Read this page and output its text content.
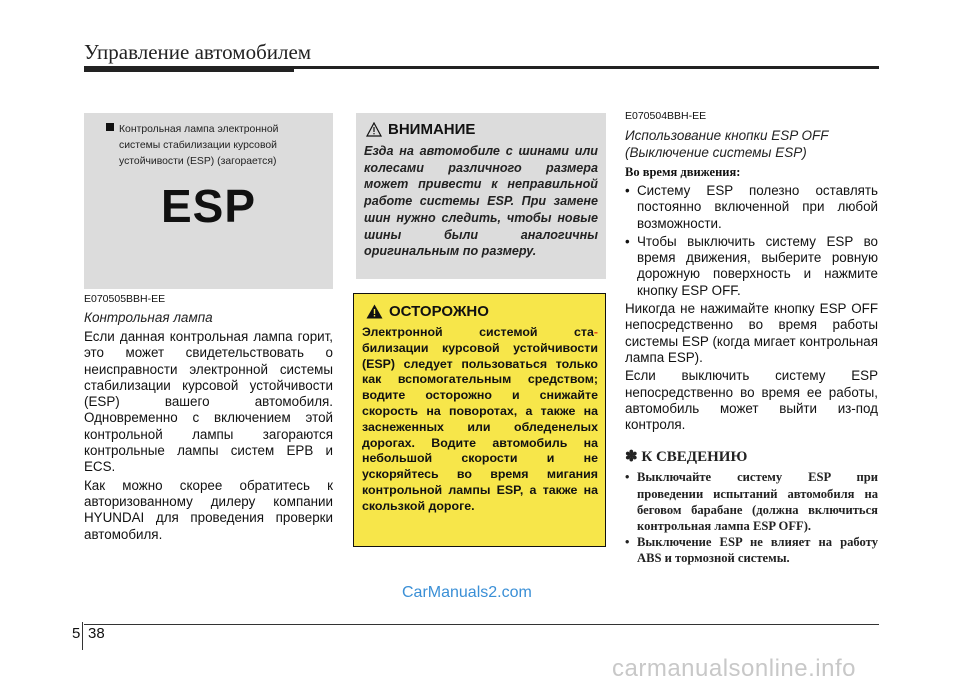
Управление автомобилем
Контрольная лампа электронной
системы стабилизации курсовой
устойчивости (ESP) (загорается)
ESP
E070505BBH-EE
Контрольная лампа

Если данная контрольная лампа горит, это может свидетельствовать о неисправности электронной системы стабилизации курсовой устойчивости (ESP) вашего автомобиля. Одновременно с включением этой контрольной лампы загораются контрольные лампы систем EPB и ECS.

Как можно скорее обратитесь к авторизованному дилеру компании HYUNDAI для проведения проверки автомобиля.

ВНИМАНИЕ
Езда на автомобиле с шинами или колесами различного размера может привести к неправильной работе системы ESP. При замене шин нужно следить, чтобы новые шины были аналогичны оригинальным по размеру.
ОСТОРОЖНО
Электронной системой ста- билизации курсовой устойчивости (ESP) следует пользоваться только как вспомогательным средством; водите осторожно и снижайте скорость на поворотах, а также на заснеженных или обледенелых дорогах. Водите автомобиль на небольшой скорости и не ускоряйтесь во время мигания контрольной лампы ESP, а также на скользкой дороге.
E070504BBH-EE
Использование кнопки ESP OFF (Выключение системы ESP)
Во время движения:
• Систему ESP полезно оставлять постоянно включенной при любой возможности.
• Чтобы выключить систему ESP во время движения, выберите ровную дорожную поверхность и нажмите кнопку ESP OFF.

Никогда не нажимайте кнопку ESP OFF непосредственно во время работы системы ESP (когда мигает контрольная лампа ESP).

Если выключить систему ESP непосредственно во время ее работы, автомобиль может выйти из-под контроля.

✽ К СВЕДЕНИЮ
• Выключайте систему ESP при проведении испытаний автомобиля на беговом барабане (должна включиться контрольная лампа ESP OFF).
• Выключение ESP не влияет на работу ABS и тормозной системы.
CarManuals2.com
5 38
carmanualsonline.info
